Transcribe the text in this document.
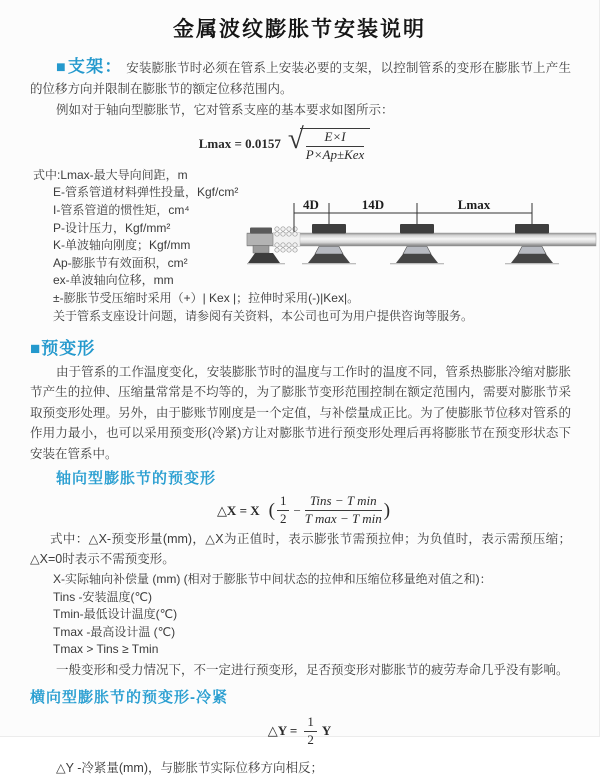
金属波纹膨胀节安装说明

■支架： 安装膨胀节时必须在管系上安装必要的支架，以控制管系的变形在膨胀节上产生的位移方向并限制在膨胀节的额定位移范围内。

例如对于轴向型膨胀节，它对管系支座的基本要求如图所示：

Lmax = 0.0157 √ $\frac{E\times I}{\text{P×Ap±Kex}}$
式中:Lmax-最大导向间距，m
E-管系管道材料弹性投量，Kgf/cm²
I-管系管道的惯性矩，cm⁴
P-设计压力，Kgf/mm²
K-单波轴向刚度；Kgf/mm
Ap-膨胀节有效面积，cm²
ex-单波轴向位移，mm
±-膨胀节受压缩时采用（+）| Kex |；拉伸时采用(-)|Kex|。
关于管系支座设计问题，请参阅有关资料，本公司也可为用户提供咨询等服务。
4D	14D	Lmax
■预变形

由于管系的工作温度变化，安装膨胀节时的温度与工作时的温度不同，管系热膨胀冷缩对膨胀节产生的拉伸、压缩量常常是不均等的，为了膨胀节变形范围控制在额定范围内，需要对膨胀节采取预变形处理。另外，由于膨账节刚度是一个定值，与补偿量成正比。为了使膨胀节位移对管系的作用力最小，也可以采用预变形(冷紧)方让对膨胀节进行预变形处理后再将膨胀节在预变形状态下安装在管系中。

轴向型膨胀节的预变形
△X = X ( $\frac{1}{2} - \frac{\text{Tins − T min}}{\text{T max − T min}}$ )

式中：△X-预变形量(mm)，△X为正值时，表示膨张节需预拉伸；为负值时，表示需预压缩；△X=0时表示不需预变形。

X-实际轴向补偿量 (mm) (相对于膨胀节中间状态的拉伸和压缩位移量绝对值之和)：
Tins -安装温度(℃)
Tmin-最低设计温度(℃)
Tmax -最高设计温 (℃)
Tmax > Tins ≥ Tmin

一般变形和受力情况下，不一定进行预变形，足否预变形对膨胀节的疲劳寿命几乎没有影响。

横向型膨胀节的预变形-冷紧
△Y = $\frac{1}{2}$ Y

△Y -冷紧量(mm)，与膨胀节实际位移方向相反；
